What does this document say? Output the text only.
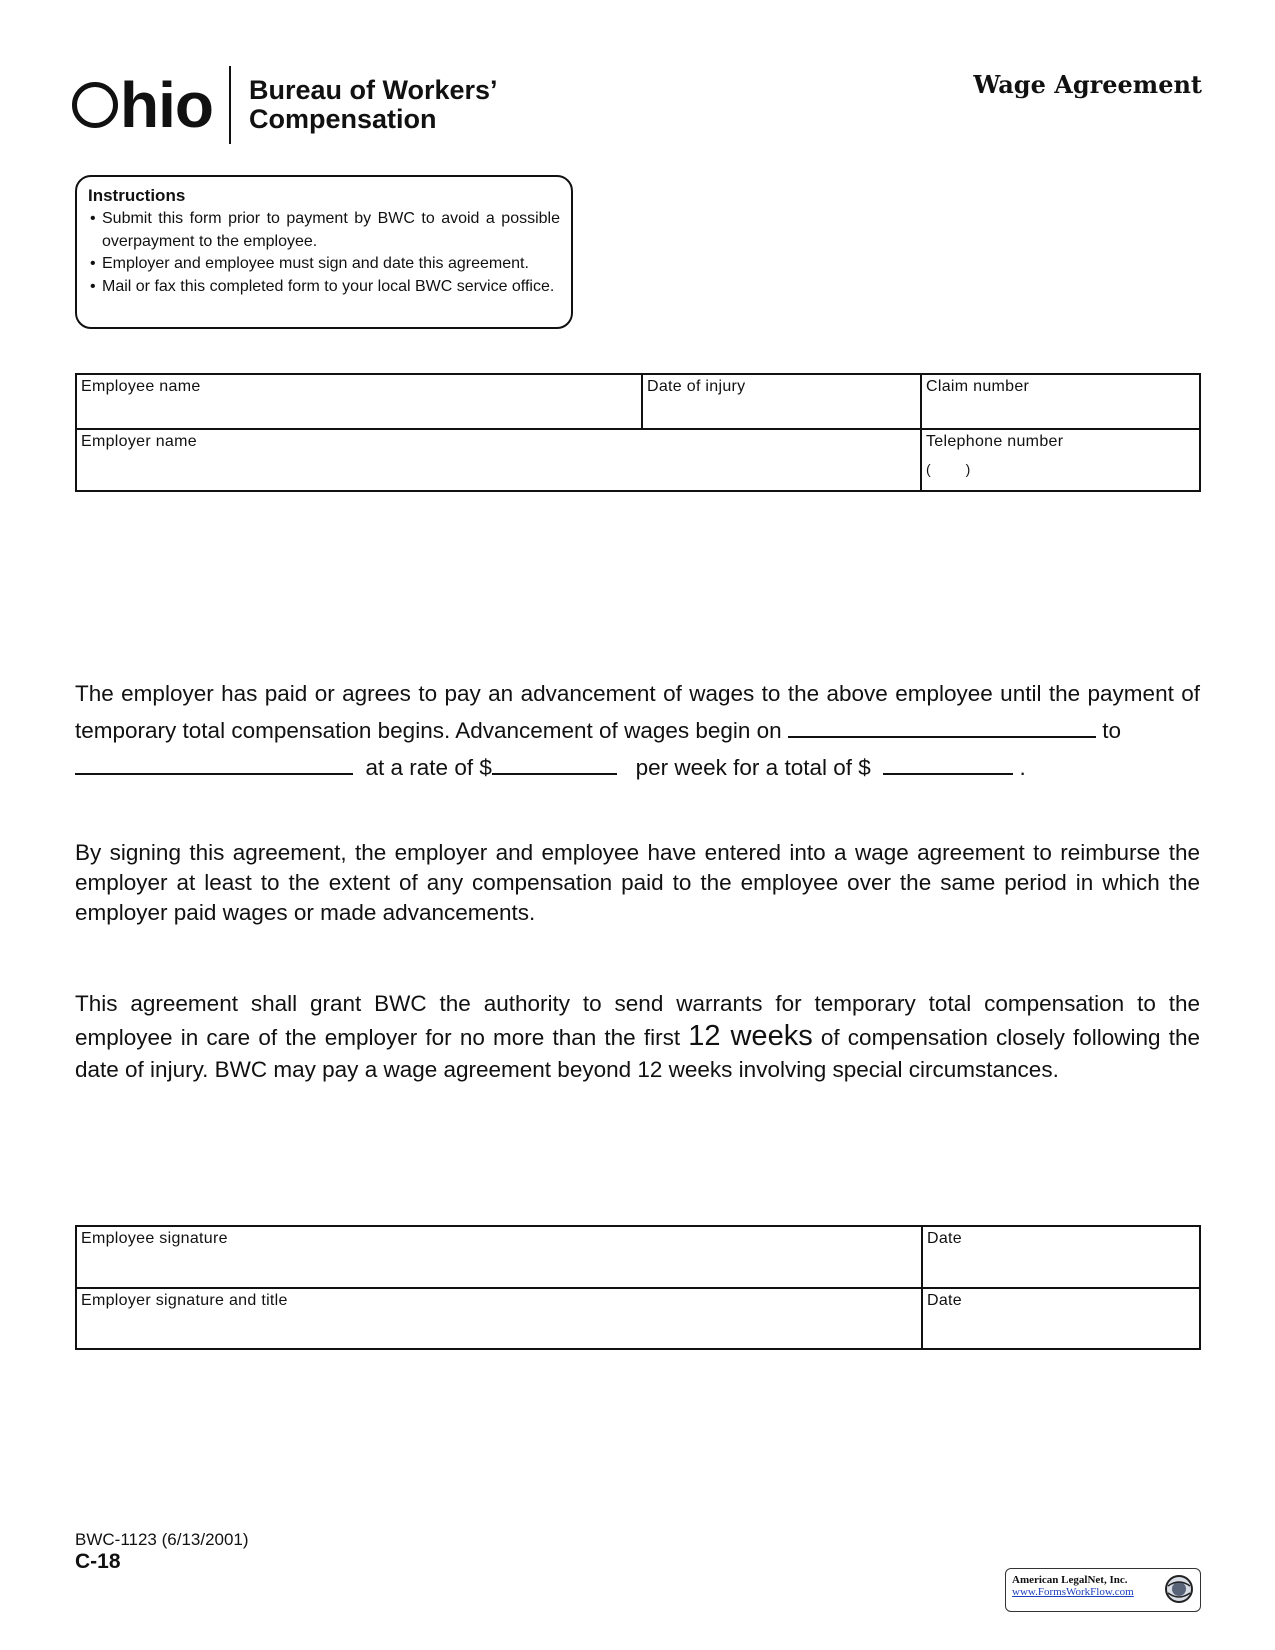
hio Bureau of Workers’
Compensation
Wage Agreement
Instructions
• Submit this form prior to payment by BWC to avoid a possible overpayment to the employee.
• Employer and employee must sign and date this agreement.
• Mail or fax this completed form to your local BWC service office.
Employee name	Date of injury	Claim number
Employer name		Telephone number
(         )
The employer has paid or agrees to pay an advancement of wages to the above employee until the payment of temporary total compensation begins. Advancement of wages begin on	to
at a rate of $	per week for a total of $	.
By signing this agreement, the employer and employee have entered into a wage agreement to reimburse the employer at least to the extent of any compensation paid to the employee over the same period in which the employer paid wages or made advancements.
This agreement shall grant BWC the authority to send warrants for temporary total compensation to the employee in care of the employer for no more than the first 12 weeks of compensation closely following the date of injury. BWC may pay a wage agreement beyond 12 weeks involving special circumstances.
Employee signature	Date
Employer signature and title	Date
BWC-1123 (6/13/2001)
C-18
American LegalNet, Inc.
www.FormsWorkFlow.com
